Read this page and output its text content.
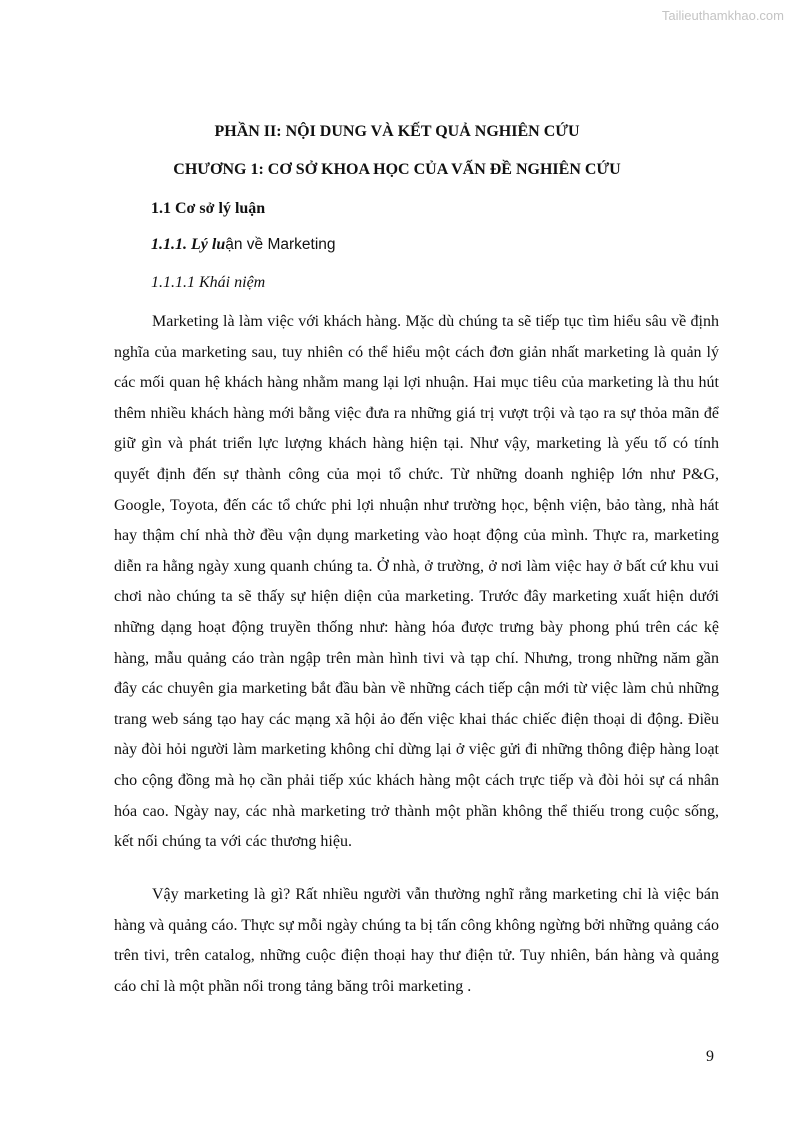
Tailieuthamkhao.com
PHẦN II: NỘI DUNG VÀ KẾT QUẢ NGHIÊN CỨU
CHƯƠNG 1: CƠ SỞ KHOA HỌC CỦA VẤN ĐỀ NGHIÊN CỨU
1.1 Cơ sở lý luận
1.1.1. Lý luận về Marketing
1.1.1.1 Khái niệm

Marketing là làm việc với khách hàng. Mặc dù chúng ta sẽ tiếp tục tìm hiểu sâu về định nghĩa của marketing sau, tuy nhiên có thể hiểu một cách đơn giản nhất marketing là quản lý các mối quan hệ khách hàng nhằm mang lại lợi nhuận. Hai mục tiêu của marketing là thu hút thêm nhiều khách hàng mới bằng việc đưa ra những giá trị vượt trội và tạo ra sự thỏa mãn để giữ gìn và phát triển lực lượng khách hàng hiện tại. Như vậy, marketing là yếu tố có tính quyết định đến sự thành công của mọi tổ chức. Từ những doanh nghiệp lớn như P&G, Google, Toyota, đến các tổ chức phi lợi nhuận như trường học, bệnh viện, bảo tàng, nhà hát hay thậm chí nhà thờ đều vận dụng marketing vào hoạt động của mình. Thực ra, marketing diễn ra hằng ngày xung quanh chúng ta. Ở nhà, ở trường, ở nơi làm việc hay ở bất cứ khu vui chơi nào chúng ta sẽ thấy sự hiện diện của marketing. Trước đây marketing xuất hiện dưới những dạng hoạt động truyền thống như: hàng hóa được trưng bày phong phú trên các kệ hàng, mẫu quảng cáo tràn ngập trên màn hình tivi và tạp chí. Nhưng, trong những năm gần đây các chuyên gia marketing bắt đầu bàn về những cách tiếp cận mới từ việc làm chủ những trang web sáng tạo hay các mạng xã hội ảo đến việc khai thác chiếc điện thoại di động. Điều này đòi hỏi người làm marketing không chỉ dừng lại ở việc gửi đi những thông điệp hàng loạt cho cộng đồng mà họ cần phải tiếp xúc khách hàng một cách trực tiếp và đòi hỏi sự cá nhân hóa cao. Ngày nay, các nhà marketing trở thành một phần không thể thiếu trong cuộc sống, kết nối chúng ta với các thương hiệu.

Vậy marketing là gì? Rất nhiều người vẫn thường nghĩ rằng marketing chỉ là việc bán hàng và quảng cáo. Thực sự mỗi ngày chúng ta bị tấn công không ngừng bởi những quảng cáo trên tivi, trên catalog, những cuộc điện thoại hay thư điện tử. Tuy nhiên, bán hàng và quảng cáo chỉ là một phần nổi trong tảng băng trôi marketing .

9
